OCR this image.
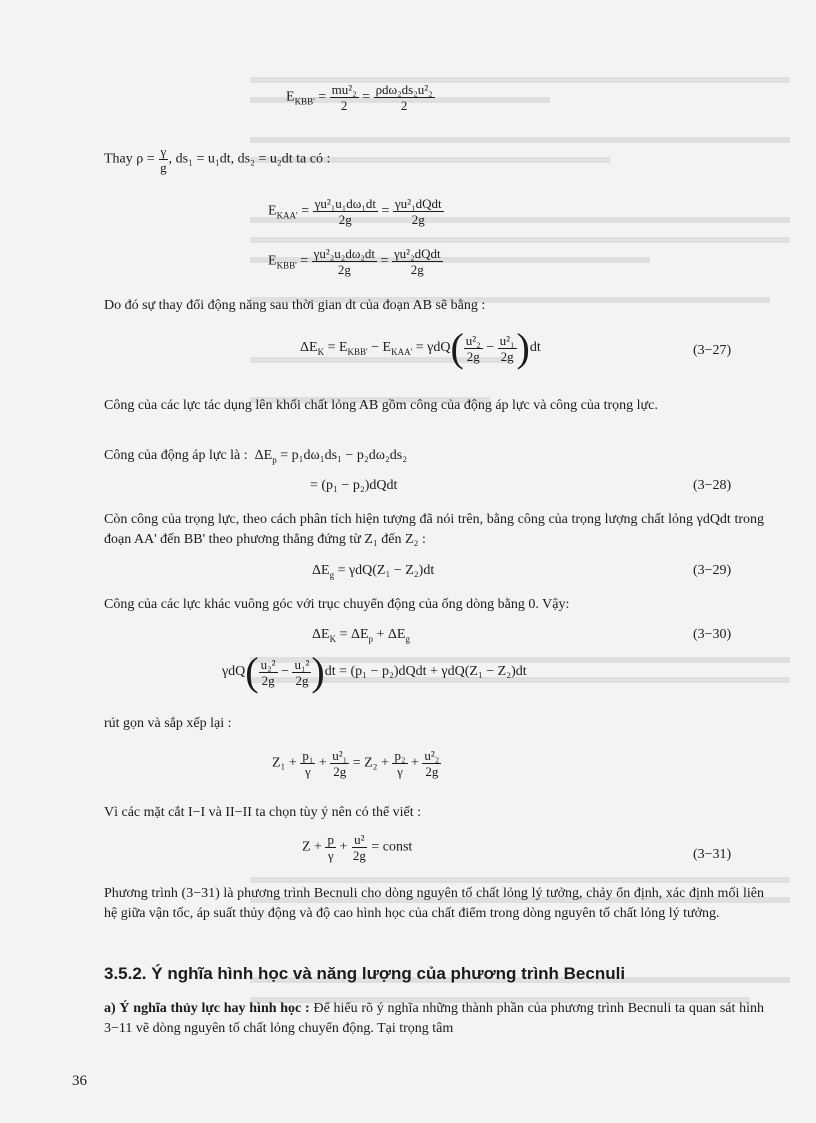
$E_{KBB'} = \frac{\text{mu²₂}}{2} = \frac{\text{ρdω₂ds₂u²₂}}{2}$
Thay $\rho = \frac{\gamma}{g}$ , ds₁ = u₁dt, ds₂ = u₂dt ta có :
$E_{KAA'} = \frac{\text{γu²₁u₁dω₁dt}}{2g} = \frac{\text{γu²₁dQdt}}{2g}$
$E_{KBB'} = \frac{\text{γu²₂u₂dω₂dt}}{2g} = \frac{\text{γu²₂dQdt}}{2g}$
Do đó sự thay đổi động năng sau thời gian dt của đoạn AB sẽ bằng :
$\Delta E_K = E_{KBB'} - E_{KAA'} = \gamma dQ( \frac{\text{u²₂}}{2g} - \frac{\text{u²₁}}{2g} )dt$	(3−27)
Công của các lực tác dụng lên khối chất lỏng AB gồm công của động áp lực và công của trọng lực.
Công của động áp lực là : $\Delta E_p = p_1d\omega_1ds_1 - p_2d\omega_2ds_2$
= (p₁ − p₂)dQdt	(3−28)
Còn công của trọng lực, theo cách phân tích hiện tượng đã nói trên, bằng công của trọng lượng chất lỏng γdQdt trong đoạn AA' đến BB' theo phương thẳng đứng từ Z₁ đến Z₂ :
$\Delta E_g = \gamma dQ(Z_1 - Z_2)dt$	(3−29)
Công của các lực khác vuông góc với trục chuyển động của ống dòng bằng 0. Vậy:
$\Delta E_K = \Delta E_p + \Delta E_g$	(3−30)
$\gamma dQ( \frac{\text{u₂²}}{2g} - \frac{\text{u₁²}}{2g} )dt = (p_1$ − p₂)dQdt + γdQ(Z₁ − Z₂)dt
rút gọn và sắp xếp lại :
$Z_1 + \frac{\text{p₁}}{\gamma} + \frac{\text{u²₁}}{2g} = Z_2 + \frac{\text{p₂}}{\gamma} + \frac{\text{u²₂}}{2g}$
Vì các mặt cắt I−I và II−II ta chọn tùy ý nên có thể viết :
$Z + \frac{p}{\gamma} + \frac{\text{u²}}{2g}$ = const	(3−31)
Phương trình (3−31) là phương trình Becnuli cho dòng nguyên tố chất lỏng lý tưởng, chảy ổn định, xác định mối liên hệ giữa vận tốc, áp suất thủy động và độ cao hình học của chất điểm trong dòng nguyên tố chất lỏng lý tưởng.
3.5.2. Ý nghĩa hình học và năng lượng của phương trình Becnuli
a) Ý nghĩa thủy lực hay hình học : Để hiểu rõ ý nghĩa những thành phần của phương trình Becnuli ta quan sát hình 3−11 vẽ dòng nguyên tố chất lỏng chuyển động. Tại trọng tâm
36
